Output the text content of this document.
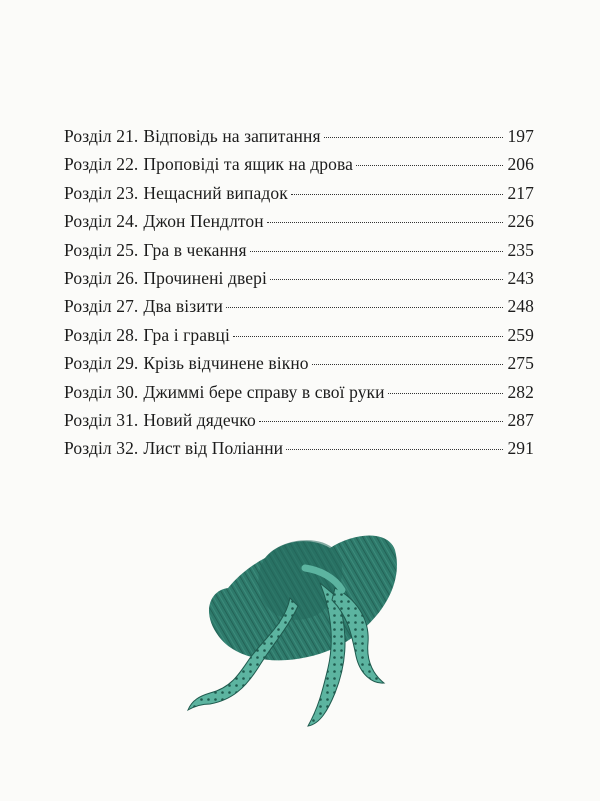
Розділ 21. Відповідь на запитання	197
Розділ 22. Проповіді та ящик на дрова	206
Розділ 23. Нещасний випадок	217
Розділ 24. Джон Пендлтон	226
Розділ 25. Гра в чекання	235
Розділ 26. Прочинені двері	243
Розділ 27. Два візити	248
Розділ 28. Гра і гравці	259
Розділ 29. Крізь відчинене вікно	275
Розділ 30. Джиммі бере справу в свої руки	282
Розділ 31. Новий дядечко	287
Розділ 32. Лист від Поліанни	291
